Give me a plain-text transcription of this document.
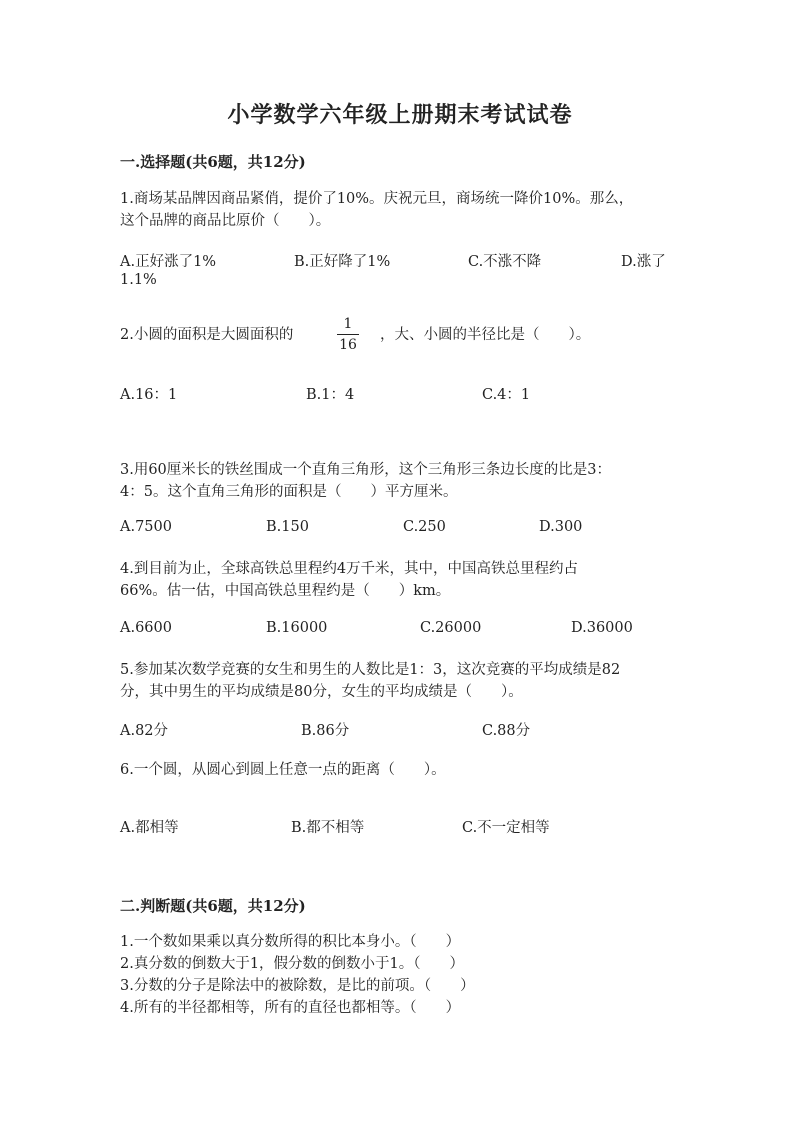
小学数学六年级上册期末考试试卷
一.选择题(共6题，共12分)
1.商场某品牌因商品紧俏，提价了10%。庆祝元旦，商场统一降价10%。那么，
这个品牌的商品比原价（　　）。
A.正好涨了1%	B.正好降了1%	C.不涨不降	D.涨了
1.1%
2.小圆的面积是大圆面积的
1
16
，大、小圆的半径比是（　　）。
A.16：1	B.1：4	C.4：1
3.用60厘米长的铁丝围成一个直角三角形，这个三角形三条边长度的比是3：
4：5。这个直角三角形的面积是（　　）平方厘米。
A.7500	B.150	C.250	D.300
4.到目前为止，全球高铁总里程约4万千米，其中，中国高铁总里程约占
66%。估一估，中国高铁总里程约是（　　）km。
A.6600	B.16000	C.26000	D.36000
5.参加某次数学竞赛的女生和男生的人数比是1：3，这次竞赛的平均成绩是82
分，其中男生的平均成绩是80分，女生的平均成绩是（　　）。
A.82分	B.86分	C.88分
6.一个圆，从圆心到圆上任意一点的距离（　　）。
A.都相等	B.都不相等	C.不一定相等
二.判断题(共6题，共12分)
1.一个数如果乘以真分数所得的积比本身小。（　　）
2.真分数的倒数大于1，假分数的倒数小于1。（　　）
3.分数的分子是除法中的被除数，是比的前项。（　　）
4.所有的半径都相等，所有的直径也都相等。（　　）
